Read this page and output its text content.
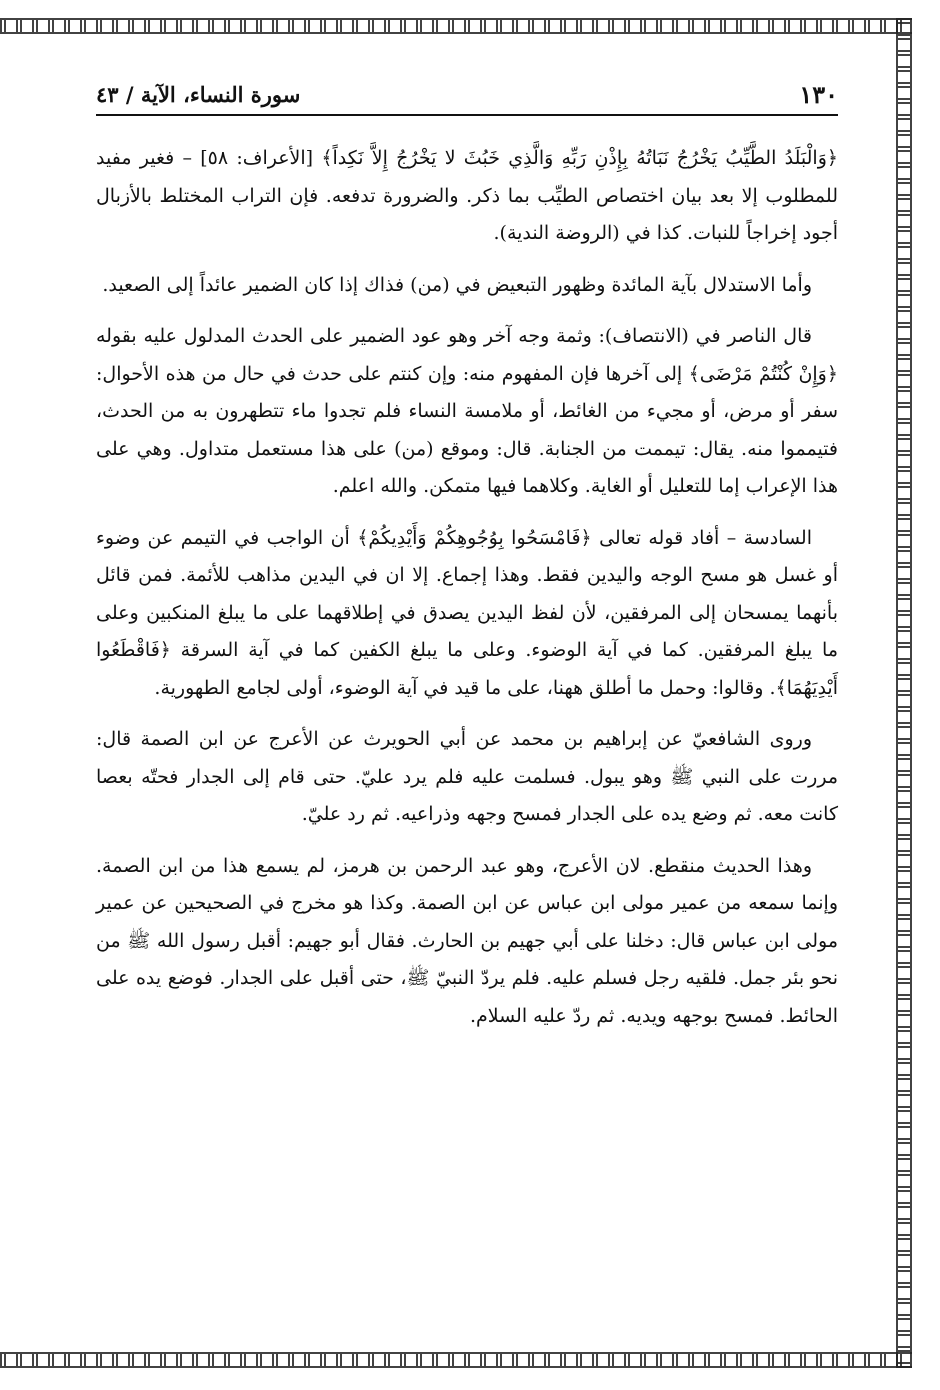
١٣٠
سورة النساء، الآية / ٤٣

﴿وَالْبَلَدُ الطَّيِّبُ يَخْرُجُ نَبَاتُهُ بِإِذْنِ رَبِّهِ وَالَّذِي خَبُثَ لا يَخْرُجُ إِلاَّ نَكِداً﴾ [الأعراف: ٥٨] – فغير مفيد للمطلوب إلا بعد بيان اختصاص الطيِّب بما ذكر. والضرورة تدفعه. فإن التراب المختلط بالأزبال أجود إخراجاً للنبات. كذا في (الروضة الندية).

وأما الاستدلال بآية المائدة وظهور التبعيض في (من) فذاك إذا كان الضمير عائداً إلى الصعيد.

قال الناصر في (الانتصاف): وثمة وجه آخر وهو عود الضمير على الحدث المدلول عليه بقوله ﴿وَإِنْ كُنْتُمْ مَرْضَى﴾ إلى آخرها فإن المفهوم منه: وإن كنتم على حدث في حال من هذه الأحوال: سفر أو مرض، أو مجيء من الغائط، أو ملامسة النساء فلم تجدوا ماء تتطهرون به من الحدث، فتيمموا منه. يقال: تيممت من الجنابة. قال: وموقع (من) على هذا مستعمل متداول. وهي على هذا الإعراب إما للتعليل أو الغاية. وكلاهما فيها متمكن. والله اعلم.

السادسة – أفاد قوله تعالى ﴿فَامْسَحُوا بِوُجُوهِكُمْ وَأَيْدِيكُمْ﴾ أن الواجب في التيمم عن وضوء أو غسل هو مسح الوجه واليدين فقط. وهذا إجماع. إلا ان في اليدين مذاهب للأئمة. فمن قائل بأنهما يمسحان إلى المرفقين، لأن لفظ اليدين يصدق في إطلاقهما على ما يبلغ المنكبين وعلى ما يبلغ المرفقين. كما في آية الوضوء. وعلى ما يبلغ الكفين كما في آية السرقة ﴿فَاقْطَعُوا أَيْدِيَهُمَا﴾. وقالوا: وحمل ما أطلق ههنا، على ما قيد في آية الوضوء، أولى لجامع الطهورية.

وروى الشافعيّ عن إبراهيم بن محمد عن أبي الحويرث عن الأعرج عن ابن الصمة قال: مررت على النبي ﷺ وهو يبول. فسلمت عليه فلم يرد عليّ. حتى قام إلى الجدار فحتّه بعصا كانت معه. ثم وضع يده على الجدار فمسح وجهه وذراعيه. ثم رد عليّ.

وهذا الحديث منقطع. لان الأعرج، وهو عبد الرحمن بن هرمز، لم يسمع هذا من ابن الصمة. وإنما سمعه من عمير مولى ابن عباس عن ابن الصمة. وكذا هو مخرج في الصحيحين عن عمير مولى ابن عباس قال: دخلنا على أبي جهيم بن الحارث. فقال أبو جهيم: أقبل رسول الله ﷺ من نحو بئر جمل. فلقيه رجل فسلم عليه. فلم يردّ النبيّ ﷺ، حتى أقبل على الجدار. فوضع يده على الحائط. فمسح بوجهه ويديه. ثم ردّ عليه السلام.
